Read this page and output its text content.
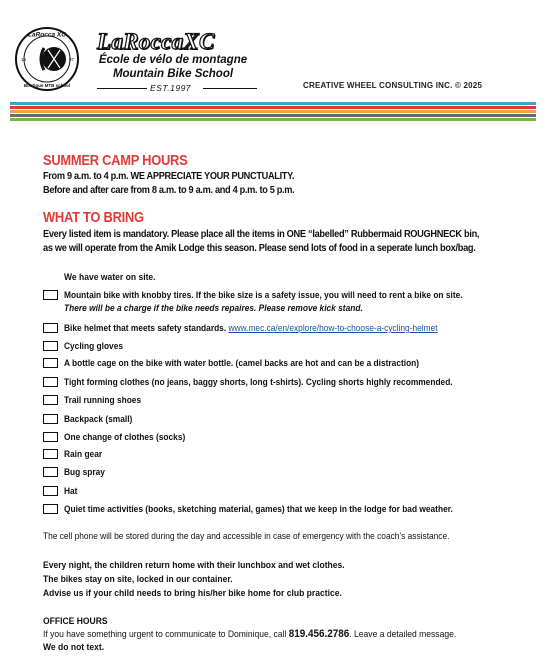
LaRocca XC
Boutique MTB school
19	97
LaRoccaXC
École de vélo de montagne
Mountain Bike School
EST.1997	CREATIVE WHEEL CONSULTING INC. © 2025
SUMMER CAMP HOURS
From 9 a.m. to 4 p.m. WE APPRECIATE YOUR PUNCTUALITY.
Before and after care from 8 a.m. to 9 a.m. and 4 p.m. to 5 p.m.
WHAT TO BRING
Every listed item is mandatory. Please place all the items in ONE “labelled” Rubbermaid ROUGHNECK bin,
as we will operate from the Amik Lodge this season. Please send lots of food in a seperate lunch box/bag.
We have water on site.
Mountain bike with knobby tires. If the bike size is a safety issue, you will need to rent a bike on site.
There will be a charge if the bike needs repaires. Please remove kick stand.
Bike helmet that meets safety standards. www.mec.ca/en/explore/how-to-choose-a-cycling-helmet
Cycling gloves
A bottle cage on the bike with water bottle. (camel backs are hot and can be a distraction)
Tight forming clothes (no jeans, baggy shorts, long t-shirts). Cycling shorts highly recommended.
Trail running shoes
Backpack (small)
One change of clothes (socks)
Rain gear
Bug spray
Hat
Quiet time activities (books, sketching material, games) that we keep in the lodge for bad weather.
The cell phone will be stored during the day and accessible in case of emergency with the coach’s assistance.
Every night, the children return home with their lunchbox and wet clothes.
The bikes stay on site, locked in our container.
Advise us if your child needs to bring his/her bike home for club practice.
OFFICE HOURS
If you have something urgent to communicate to Dominique, call 819.456.2786. Leave a detailed message.
We do not text.
